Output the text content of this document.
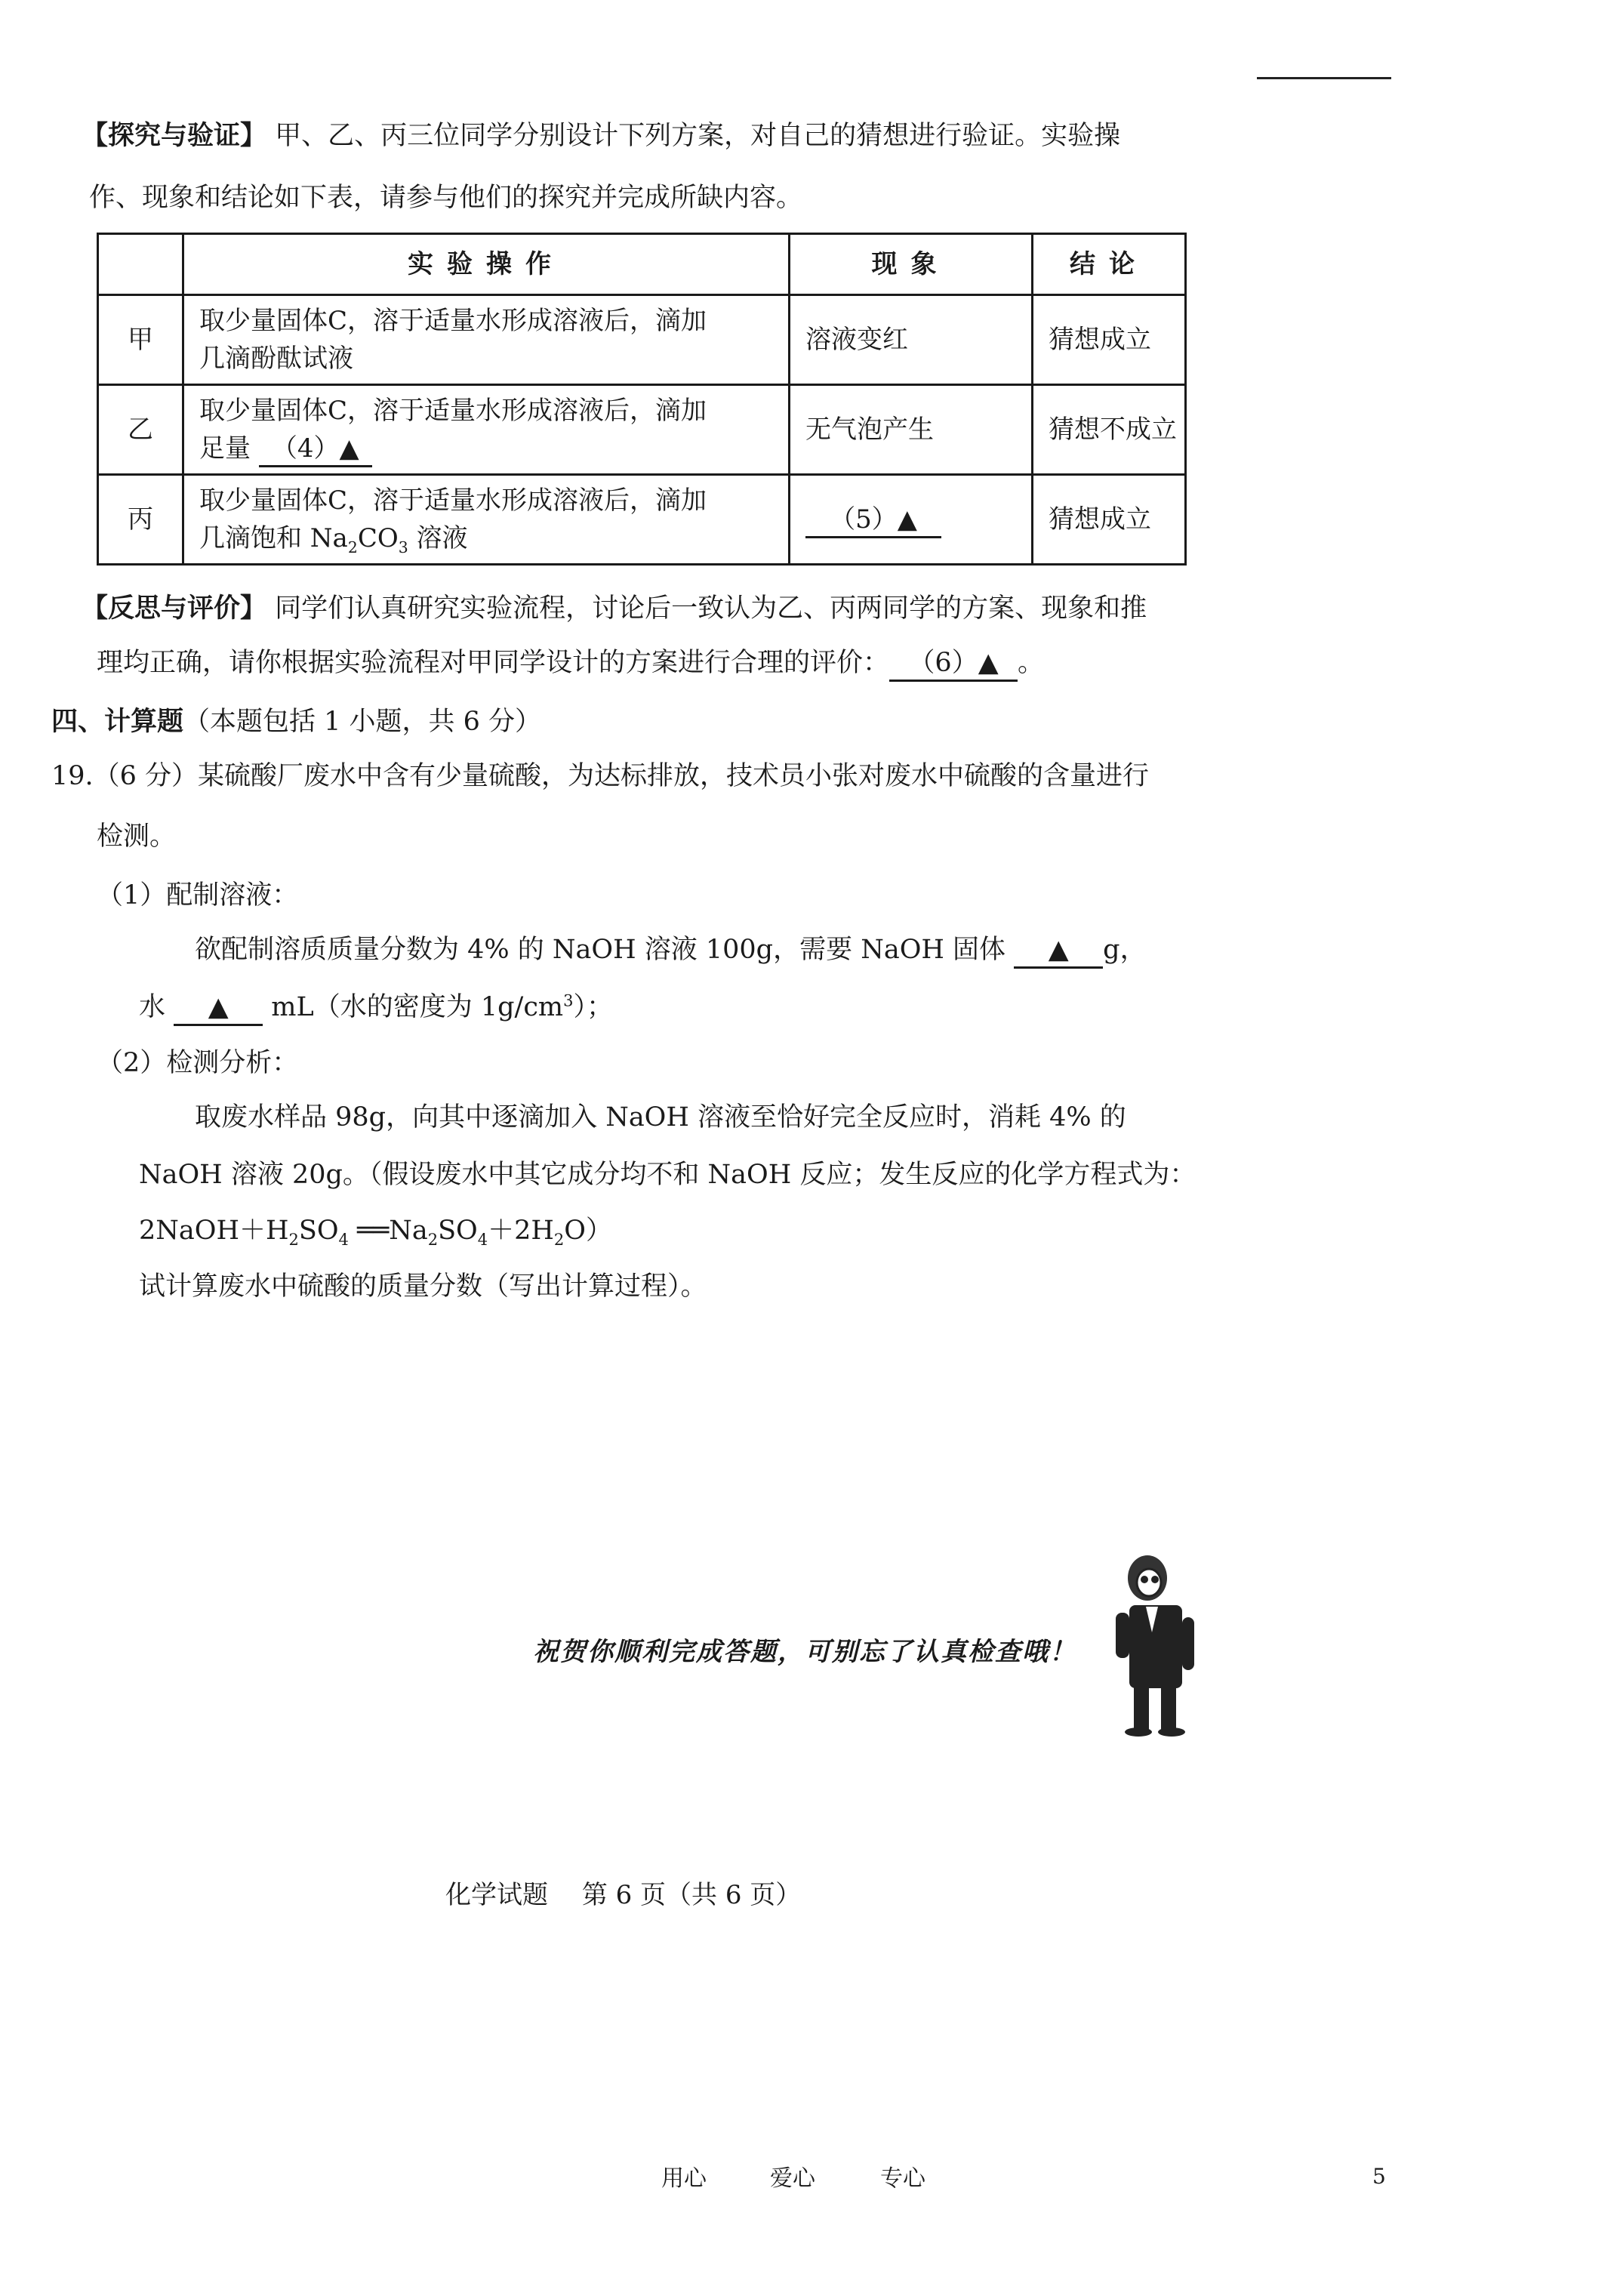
【探究与验证】 甲、乙、丙三位同学分别设计下列方案，对自己的猜想进行验证。实验操
作、现象和结论如下表，请参与他们的探究并完成所缺内容。
	实验操作	现象	结论
甲	取少量固体C，溶于适量水形成溶液后，滴加
几滴酚酞试液	溶液变红	猜想成立
乙	取少量固体C，溶于适量水形成溶液后，滴加
足量 （4）▲	无气泡产生	猜想不成立
丙	取少量固体C，溶于适量水形成溶液后，滴加
几滴饱和 $Na_2CO_3$ 溶液	（5）▲	猜想成立
【反思与评价】 同学们认真研究实验流程，讨论后一致认为乙、丙两同学的方案、现象和推
理均正确，请你根据实验流程对甲同学设计的方案进行合理的评价： （6）▲ 。
四、计算题（本题包括 1 小题，共 6 分）
19.（6 分）某硫酸厂废水中含有少量硫酸，为达标排放，技术员小张对废水中硫酸的含量进行
检测。
（1）配制溶液：
欲配制溶质质量分数为 4% 的 NaOH 溶液 100g，需要 NaOH 固体 ▲ g，
水 ▲ mL（水的密度为 $1g/cm^3$）；
（2）检测分析：
取废水样品 98g，向其中逐滴加入 NaOH 溶液至恰好完全反应时，消耗 4% 的
NaOH 溶液 20g。（假设废水中其它成分均不和 NaOH 反应；发生反应的化学方程式为：
$2NaOH+H_2SO_4$ $══Na_2SO_4+2H_2O$）
试计算废水中硫酸的质量分数（写出计算过程）。
祝贺你顺利完成答题，可别忘了认真检查哦！
化学试题 第 6 页（共 6 页）
用心	爱心	专心	5
